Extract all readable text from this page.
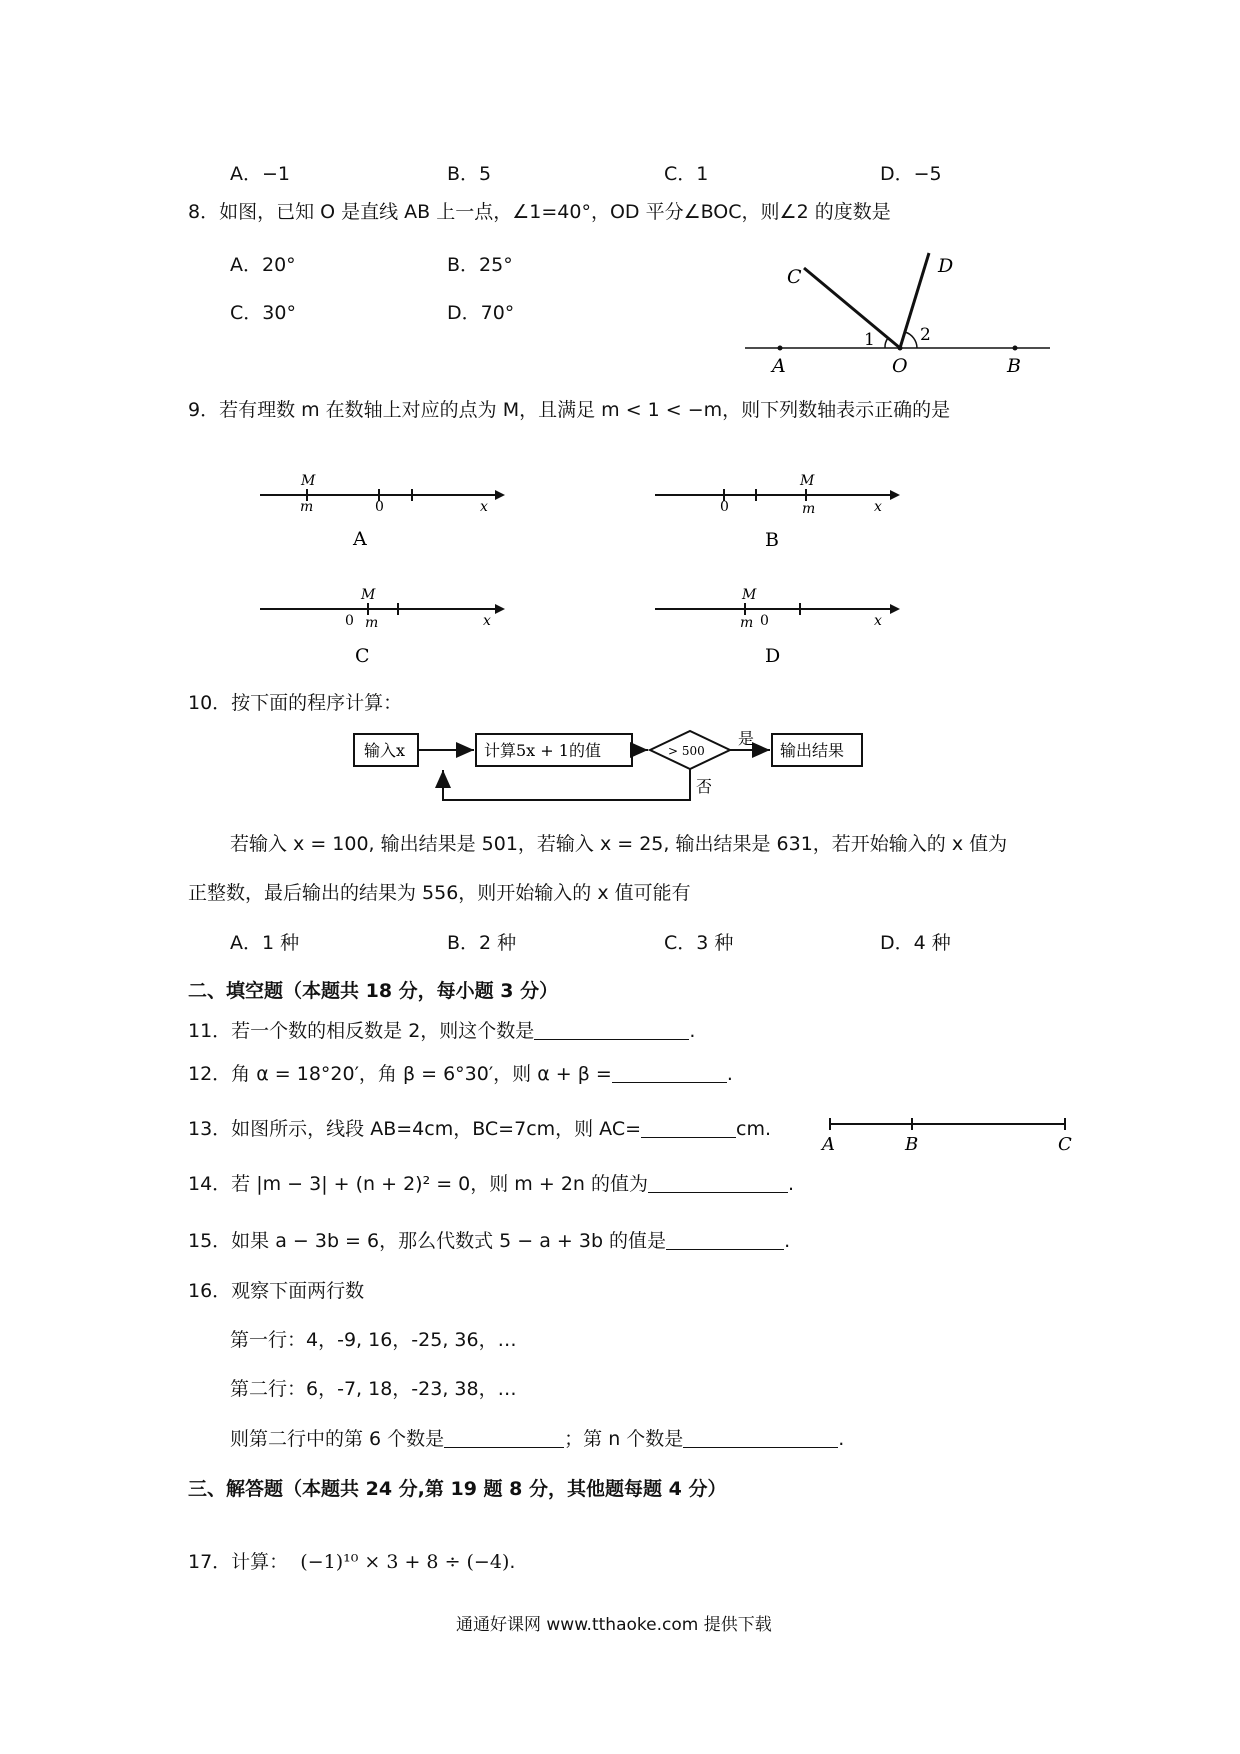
A．−1	B．5	C．1	D．−5
8．如图，已知 O 是直线 AB 上一点，∠1=40°，OD 平分∠BOC，则∠2 的度数是
A．20°	B．25°
C．30°	D．70°
C	D
A	O	B
1	2
9．若有理数 m 在数轴上对应的点为 M，且满足 m < 1 < −m，则下列数轴表示正确的是
M
m	0	x
A
M
m
0	x
B
M
m
0	x
C
M
m 0	x
D
10．按下面的程序计算：
输入x	计算5x + 1的值	> 500
是
否
输出结果
若输入 x = 100, 输出结果是 501，若输入 x = 25, 输出结果是 631，若开始输入的 x 值为
正整数，最后输出的结果为 556，则开始输入的 x 值可能有
A．1 种	B．2 种	C．3 种	D．4 种
二、填空题（本题共 18 分，每小题 3 分）
11．若一个数的相反数是 2，则这个数是	.
12．角 α = 18°20′，角 β = 6°30′，则 α + β =	.
13．如图所示，线段 AB=4cm，BC=7cm，则 AC=	cm.
A	B	C
14．若 |m − 3| + (n + 2)² = 0，则 m + 2n 的值为	.
15．如果 a − 3b = 6，那么代数式 5 − a + 3b 的值是	.
16．观察下面两行数
第一行：4，-9, 16，-25, 36，…
第二行：6，-7, 18，-23, 38，…
则第二行中的第 6 个数是	；第 n 个数是	.
三、解答题（本题共 24 分,第 19 题 8 分，其他题每题 4 分）
17．计算： (−1)¹⁰ × 3 + 8 ÷ (−4).
通通好课网 www.tthaoke.com 提供下载
